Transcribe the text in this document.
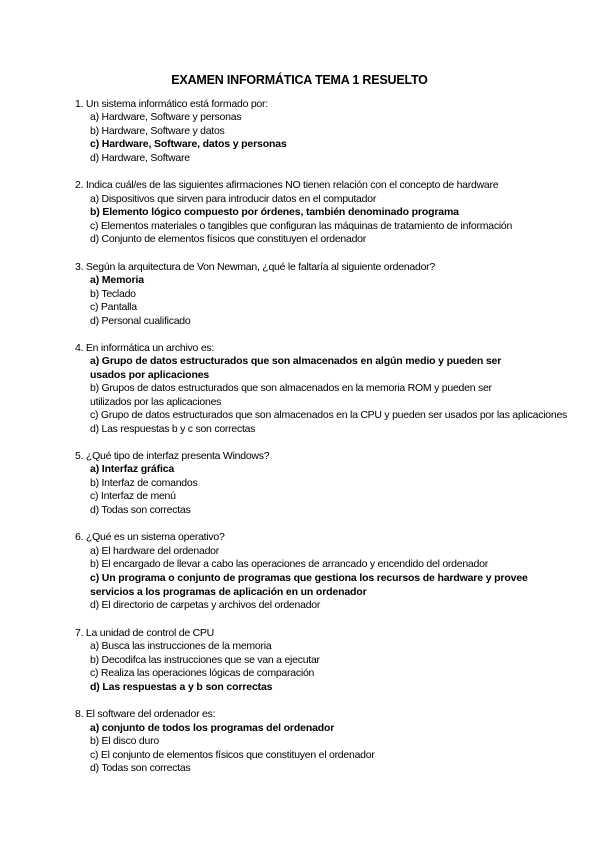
EXAMEN INFORMÁTICA TEMA 1 RESUELTO
1. Un sistema informático está formado por:
a) Hardware, Software y personas
b) Hardware, Software y datos
c) Hardware, Software, datos y personas
d) Hardware, Software
2. Indica cuál/es de las siguientes afirmaciones NO tienen relación con el concepto de hardware
a) Dispositivos que sirven para introducir datos en el computador
b) Elemento lógico compuesto por órdenes, también denominado programa
c) Elementos materiales o tangibles que configuran las máquinas de tratamiento de información
d) Conjunto de elementos físicos que constituyen el ordenador
3. Según la arquitectura de Von Newman, ¿qué le faltaría al siguiente ordenador?
a) Memoria
b) Teclado
c) Pantalla
d) Personal cualificado
4. En informática un archivo es:
a) Grupo de datos estructurados que son almacenados en algún medio y pueden ser usados por aplicaciones
b) Grupos de datos estructurados que son almacenados en la memoria ROM y pueden ser utilizados por las aplicaciones
c) Grupo de datos estructurados que son almacenados en la CPU y pueden ser usados por las aplicaciones
d) Las respuestas b y c son correctas
5. ¿Qué tipo de interfaz presenta Windows?
a) Interfaz gráfica
b) Interfaz de comandos
c) Interfaz de menú
d) Todas son correctas
6. ¿Qué es un sistema operativo?
a) El hardware del ordenador
b) El encargado de llevar a cabo las operaciones de arrancado y encendido del ordenador
c) Un programa o conjunto de programas que gestiona los recursos de hardware y provee servicios a los programas de aplicación en un ordenador
d) El directorio de carpetas y archivos del ordenador
7. La unidad de control de CPU
a) Busca las instrucciones de la memoria
b) Decodifca las instrucciones que se van a ejecutar
c) Realiza las operaciones lógicas de comparación
d) Las respuestas a y b son correctas
8. El software del ordenador es:
a) conjunto de todos los programas del ordenador
b) El disco duro
c) El conjunto de elementos físicos que constituyen el ordenador
d) Todas son correctas
